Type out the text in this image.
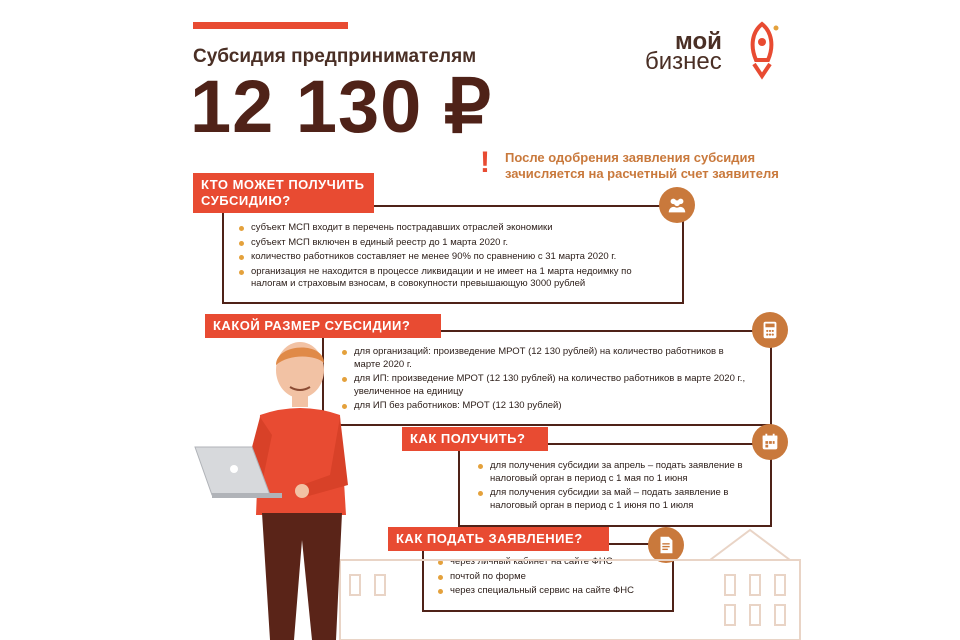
Субсидия предпринимателям
12 130 ₽
мой
бизнес
! После одобрения заявления субсидия зачисляется на расчетный счет заявителя
КТО МОЖЕТ ПОЛУЧИТЬ СУБСИДИЮ?
субъект МСП входит в перечень пострадавших отраслей экономики
субъект МСП включен в единый реестр до 1 марта 2020 г.
количество работников составляет не менее 90% по сравнению с 31 марта 2020 г.
организация не находится в процессе ликвидации и не имеет на 1 марта недоимку по налогам и страховым взносам, в совокупности превышающую 3000 рублей
КАКОЙ РАЗМЕР СУБСИДИИ?
для организаций: произведение МРОТ (12 130 рублей) на количество работников в марте 2020 г.
для ИП: произведение МРОТ (12 130 рублей) на количество работников в марте 2020 г., увеличенное на единицу
для ИП без работников: МРОТ (12 130 рублей)
КАК ПОЛУЧИТЬ?
для получения субсидии за апрель – подать заявление в налоговый орган в период с 1 мая по 1 июня
для получения субсидии за май – подать заявление в налоговый орган в период с 1 июня по 1 июля
КАК ПОДАТЬ ЗАЯВЛЕНИЕ?
через личный кабинет на сайте ФНС
почтой по форме
через специальный сервис на сайте ФНС
